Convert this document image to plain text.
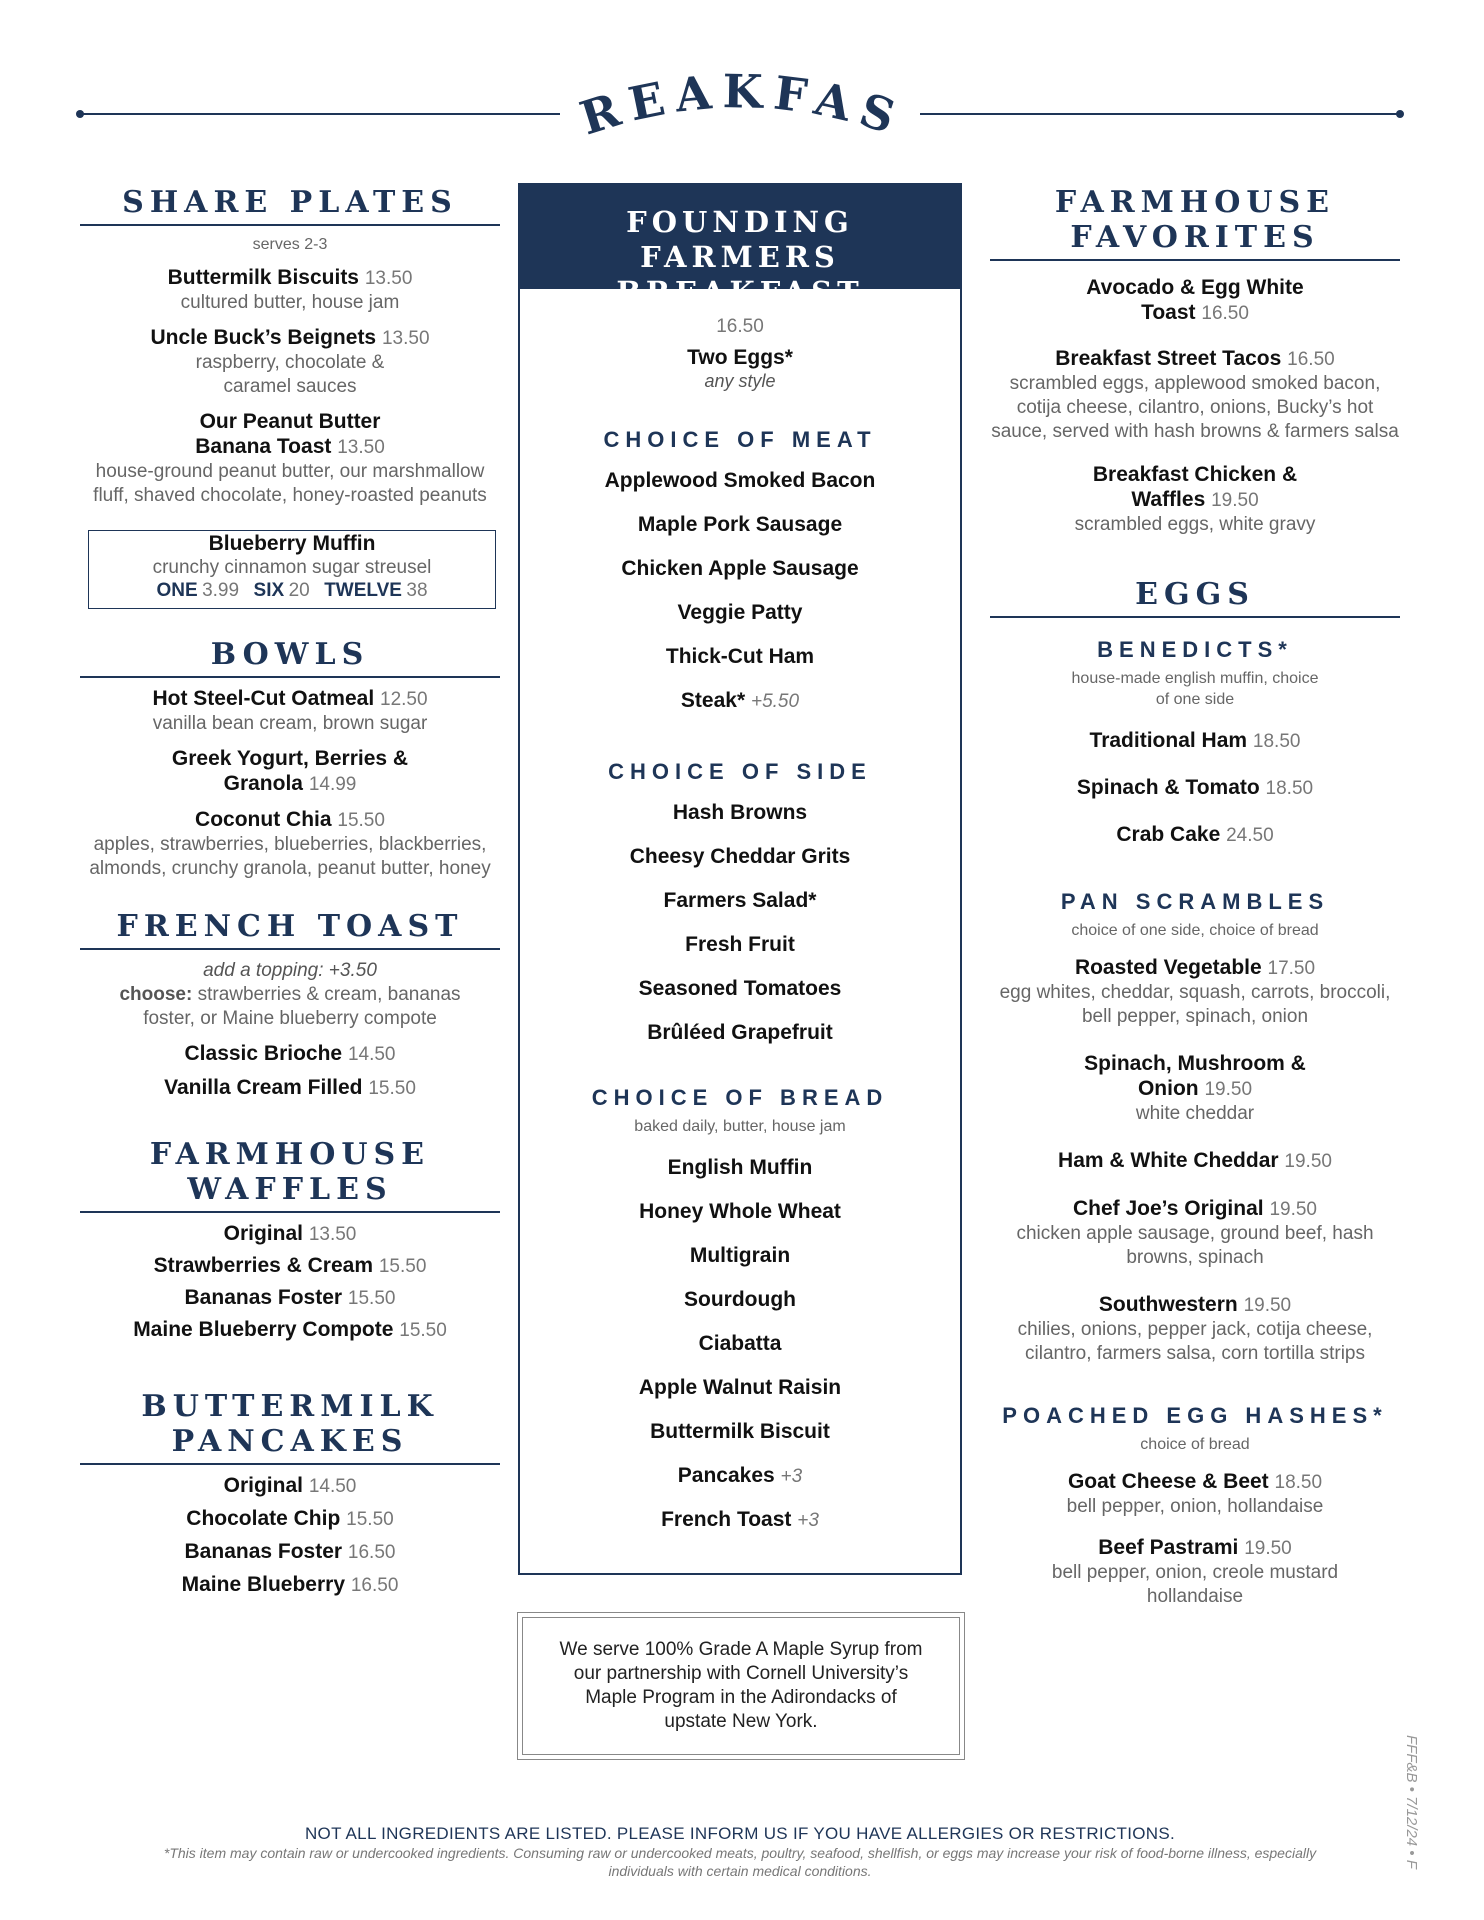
BREAKFAST
SHARE PLATES
serves 2-3
Buttermilk Biscuits 13.50
cultured butter, house jam
Uncle Buck’s Beignets 13.50
raspberry, chocolate & caramel sauces
Our Peanut Butter Banana Toast 13.50
house-ground peanut butter, our marshmallow fluff, shaved chocolate, honey-roasted peanuts
Blueberry Muffin
crunchy cinnamon sugar streusel
ONE 3.99 SIX 20 TWELVE 38
BOWLS
Hot Steel-Cut Oatmeal 12.50
vanilla bean cream, brown sugar
Greek Yogurt, Berries & Granola 14.99
Coconut Chia 15.50
apples, strawberries, blueberries, blackberries, almonds, crunchy granola, peanut butter, honey
FRENCH TOAST
add a topping: +3.50
choose: strawberries & cream, bananas foster, or Maine blueberry compote
Classic Brioche 14.50
Vanilla Cream Filled 15.50
FARMHOUSE
WAFFLES
Original 13.50
Strawberries & Cream 15.50
Bananas Foster 15.50
Maine Blueberry Compote 15.50
BUTTERMILK
PANCAKES
Original 14.50
Chocolate Chip 15.50
Bananas Foster 16.50
Maine Blueberry 16.50
FOUNDING FARMERS
BREAKFAST
16.50
Two Eggs*
any style
CHOICE OF MEAT
Applewood Smoked Bacon
Maple Pork Sausage
Chicken Apple Sausage
Veggie Patty
Thick-Cut Ham
Steak* +5.50
CHOICE OF SIDE
Hash Browns
Cheesy Cheddar Grits
Farmers Salad*
Fresh Fruit
Seasoned Tomatoes
Brûléed Grapefruit
CHOICE OF BREAD
baked daily, butter, house jam
English Muffin
Honey Whole Wheat
Multigrain
Sourdough
Ciabatta
Apple Walnut Raisin
Buttermilk Biscuit
Pancakes +3
French Toast +3
We serve 100% Grade A Maple Syrup from our partnership with Cornell University’s Maple Program in the Adirondacks of upstate New York.
FARMHOUSE
FAVORITES
Avocado & Egg White Toast 16.50
Breakfast Street Tacos 16.50
scrambled eggs, applewood smoked bacon, cotija cheese, cilantro, onions, Bucky’s hot sauce, served with hash browns & farmers salsa
Breakfast Chicken & Waffles 19.50
scrambled eggs, white gravy
EGGS
BENEDICTS*
house-made english muffin, choice of one side
Traditional Ham 18.50
Spinach & Tomato 18.50
Crab Cake 24.50
PAN SCRAMBLES
choice of one side, choice of bread
Roasted Vegetable 17.50
egg whites, cheddar, squash, carrots, broccoli, bell pepper, spinach, onion
Spinach, Mushroom & Onion 19.50
white cheddar
Ham & White Cheddar 19.50
Chef Joe’s Original 19.50
chicken apple sausage, ground beef, hash browns, spinach
Southwestern 19.50
chilies, onions, pepper jack, cotija cheese, cilantro, farmers salsa, corn tortilla strips
POACHED EGG HASHES*
choice of bread
Goat Cheese & Beet 18.50
bell pepper, onion, hollandaise
Beef Pastrami 19.50
bell pepper, onion, creole mustard hollandaise
NOT ALL INGREDIENTS ARE LISTED. PLEASE INFORM US IF YOU HAVE ALLERGIES OR RESTRICTIONS.
*This item may contain raw or undercooked ingredients. Consuming raw or undercooked meats, poultry, seafood, shellfish, or eggs may increase your risk of food-borne illness, especially individuals with certain medical conditions.
FFF&B • 7/12/24 • F
